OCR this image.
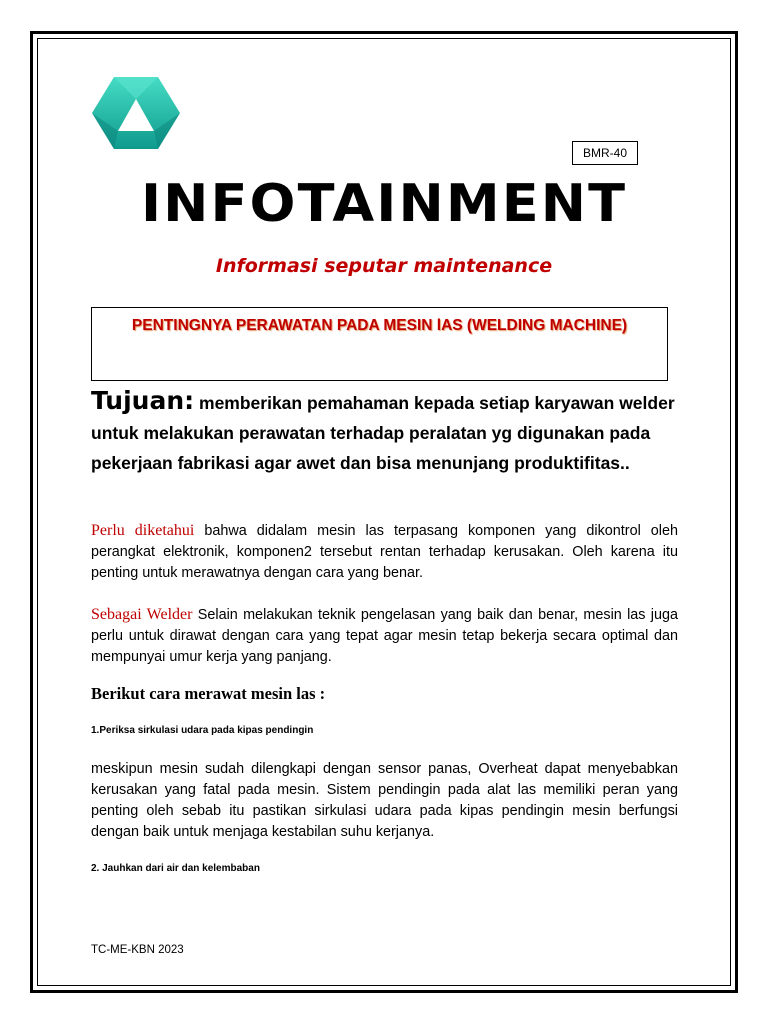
BMR-40
INFOTAINMENT
Informasi seputar maintenance
PENTINGNYA PERAWATAN PADA MESIN lAS (WELDING MACHINE)
Tujuan: memberikan pemahaman kepada setiap karyawan welder untuk melakukan perawatan terhadap peralatan yg digunakan pada pekerjaan fabrikasi agar awet dan bisa menunjang produktifitas..
Perlu diketahui bahwa didalam mesin las terpasang komponen yang dikontrol oleh perangkat elektronik, komponen2 tersebut rentan terhadap kerusakan. Oleh karena itu penting untuk merawatnya dengan cara yang benar.
Sebagai Welder Selain melakukan teknik pengelasan yang baik dan benar, mesin las juga perlu untuk dirawat dengan cara yang tepat agar mesin tetap bekerja secara optimal dan mempunyai umur kerja yang panjang.
Berikut cara merawat mesin las :
1.Periksa sirkulasi udara pada kipas pendingin
meskipun mesin sudah dilengkapi dengan sensor panas, Overheat dapat menyebabkan kerusakan yang fatal pada mesin. Sistem pendingin pada alat las memiliki peran yang penting oleh sebab itu pastikan sirkulasi udara pada kipas pendingin mesin berfungsi dengan baik untuk menjaga kestabilan suhu kerjanya.
2. Jauhkan dari air dan kelembaban
TC-ME-KBN 2023
